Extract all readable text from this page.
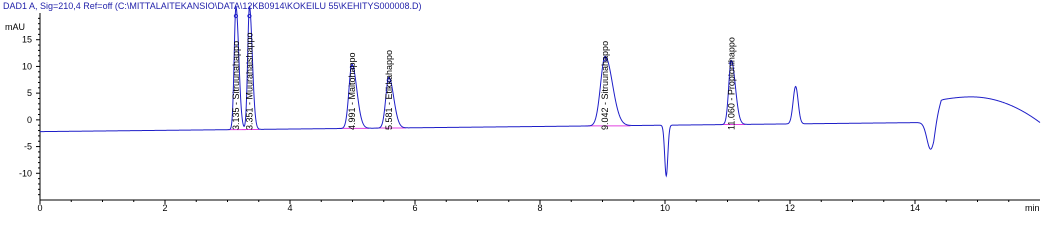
DAD1 A, Sig=210,4 Ref=off (C:\MITTALAITEKANSIO\DATA\12KB0914\KOKEILU 55\KEHITYS000008.D)
mAU
min
-10
-5
0
5
10
15
0	2	4	6	8	10	12	14
3.135 - Sitruunahappo 3.351 - Muurahaishappo	4.991 - Maitohappo	5.581 - Etikkahappo	9.042 - Sitruunahappo	11.060 - Propionihappo
